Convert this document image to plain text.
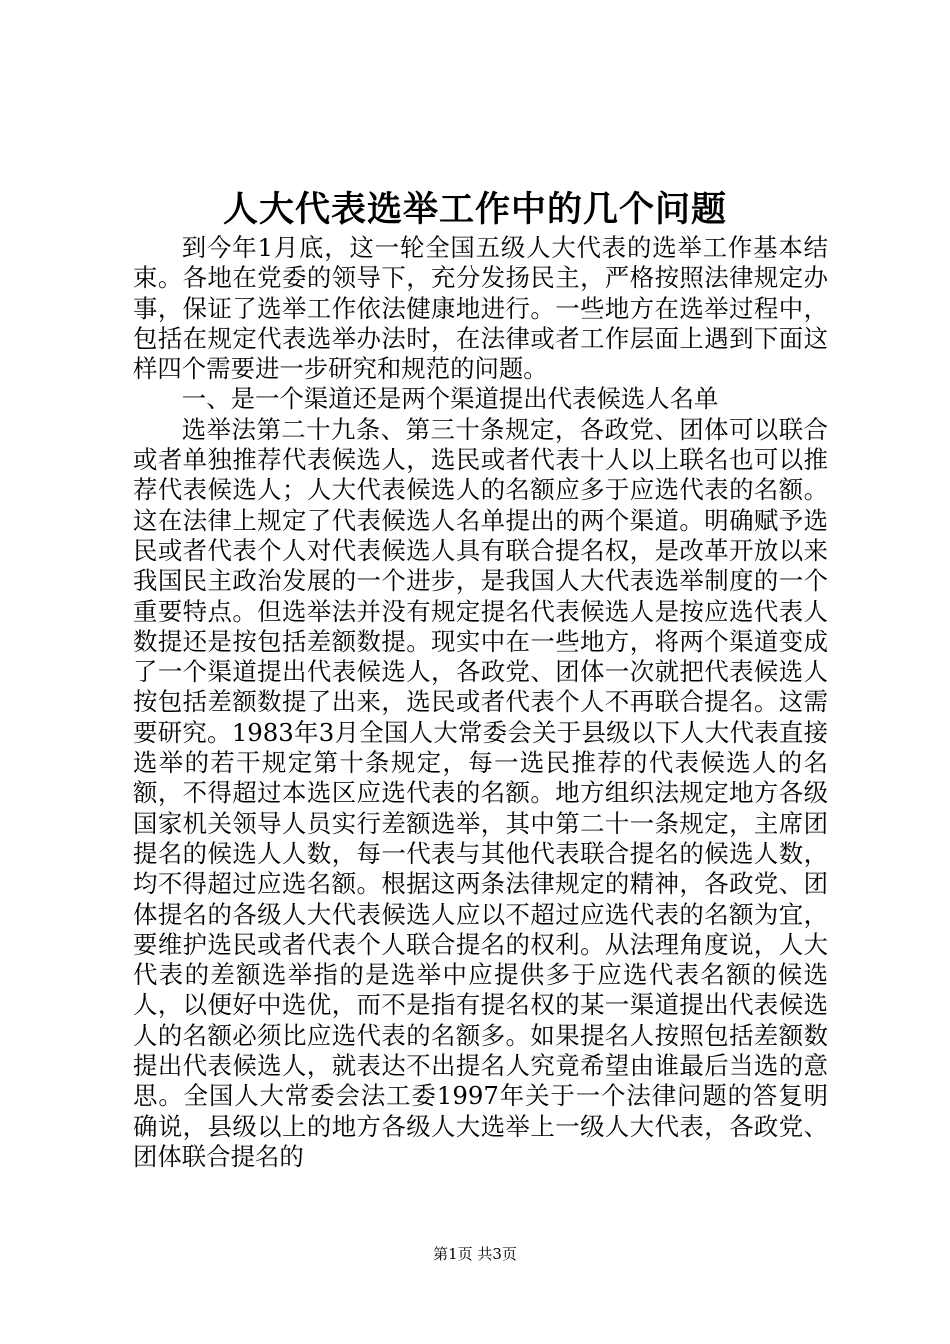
人大代表选举工作中的几个问题

到今年1月底，这一轮全国五级人大代表的选举工作基本结束。各地在党委的领导下，充分发扬民主，严格按照法律规定办事，保证了选举工作依法健康地进行。一些地方在选举过程中，包括在规定代表选举办法时，在法律或者工作层面上遇到下面这样四个需要进一步研究和规范的问题。

一、是一个渠道还是两个渠道提出代表候选人名单

选举法第二十九条、第三十条规定，各政党、团体可以联合或者单独推荐代表候选人，选民或者代表十人以上联名也可以推荐代表候选人；人大代表候选人的名额应多于应选代表的名额。这在法律上规定了代表候选人名单提出的两个渠道。明确赋予选民或者代表个人对代表候选人具有联合提名权，是改革开放以来我国民主政治发展的一个进步，是我国人大代表选举制度的一个重要特点。但选举法并没有规定提名代表候选人是按应选代表人数提还是按包括差额数提。现实中在一些地方，将两个渠道变成了一个渠道提出代表候选人，各政党、团体一次就把代表候选人按包括差额数提了出来，选民或者代表个人不再联合提名。这需要研究。1983年3月全国人大常委会关于县级以下人大代表直接选举的若干规定第十条规定，每一选民推荐的代表候选人的名额，不得超过本选区应选代表的名额。地方组织法规定地方各级国家机关领导人员实行差额选举，其中第二十一条规定，主席团提名的候选人人数，每一代表与其他代表联合提名的候选人数，均不得超过应选名额。根据这两条法律规定的精神，各政党、团体提名的各级人大代表候选人应以不超过应选代表的名额为宜，要维护选民或者代表个人联合提名的权利。从法理角度说，人大代表的差额选举指的是选举中应提供多于应选代表名额的候选人，以便好中选优，而不是指有提名权的某一渠道提出代表候选人的名额必须比应选代表的名额多。如果提名人按照包括差额数提出代表候选人，就表达不出提名人究竟希望由谁最后当选的意思。全国人大常委会法工委1997年关于一个法律问题的答复明确说，县级以上的地方各级人大选举上一级人大代表，各政党、团体联合提名的

第1页 共3页
